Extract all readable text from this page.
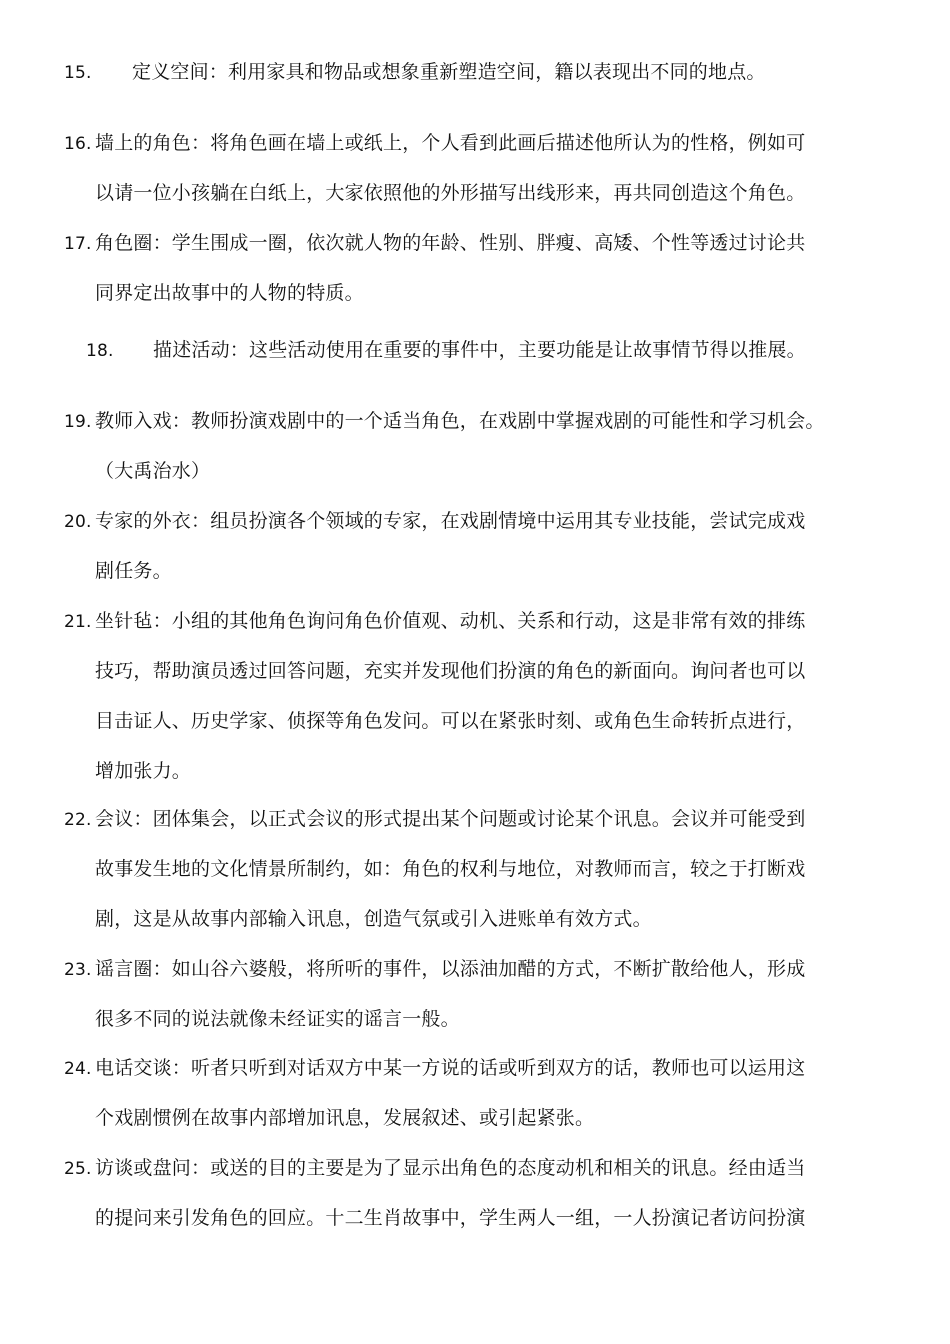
15. 定义空间：利用家具和物品或想象重新塑造空间，籍以表现出不同的地点。
16. 墙上的角色：将角色画在墙上或纸上，个人看到此画后描述他所认为的性格，例如可
以请一位小孩躺在白纸上，大家依照他的外形描写出线形来，再共同创造这个角色。
17. 角色圈：学生围成一圈，依次就人物的年龄、性别、胖瘦、高矮、个性等透过讨论共
同界定出故事中的人物的特质。
18. 描述活动：这些活动使用在重要的事件中，主要功能是让故事情节得以推展。
19. 教师入戏：教师扮演戏剧中的一个适当角色，在戏剧中掌握戏剧的可能性和学习机会。
（大禹治水）
20. 专家的外衣：组员扮演各个领域的专家，在戏剧情境中运用其专业技能，尝试完成戏
剧任务。
21. 坐针毡：小组的其他角色询问角色价值观、动机、关系和行动，这是非常有效的排练
技巧，帮助演员透过回答问题，充实并发现他们扮演的角色的新面向。询问者也可以
目击证人、历史学家、侦探等角色发问。可以在紧张时刻、或角色生命转折点进行，
增加张力。
22. 会议：团体集会，以正式会议的形式提出某个问题或讨论某个讯息。会议并可能受到
故事发生地的文化情景所制约，如：角色的权利与地位，对教师而言，较之于打断戏
剧，这是从故事内部输入讯息，创造气氛或引入进账单有效方式。
23. 谣言圈：如山谷六婆般，将所听的事件，以添油加醋的方式，不断扩散给他人，形成
很多不同的说法就像未经证实的谣言一般。
24. 电话交谈：听者只听到对话双方中某一方说的话或听到双方的话，教师也可以运用这
个戏剧惯例在故事内部增加讯息，发展叙述、或引起紧张。
25. 访谈或盘问：或送的目的主要是为了显示出角色的态度动机和相关的讯息。经由适当
的提问来引发角色的回应。十二生肖故事中，学生两人一组，一人扮演记者访问扮演
